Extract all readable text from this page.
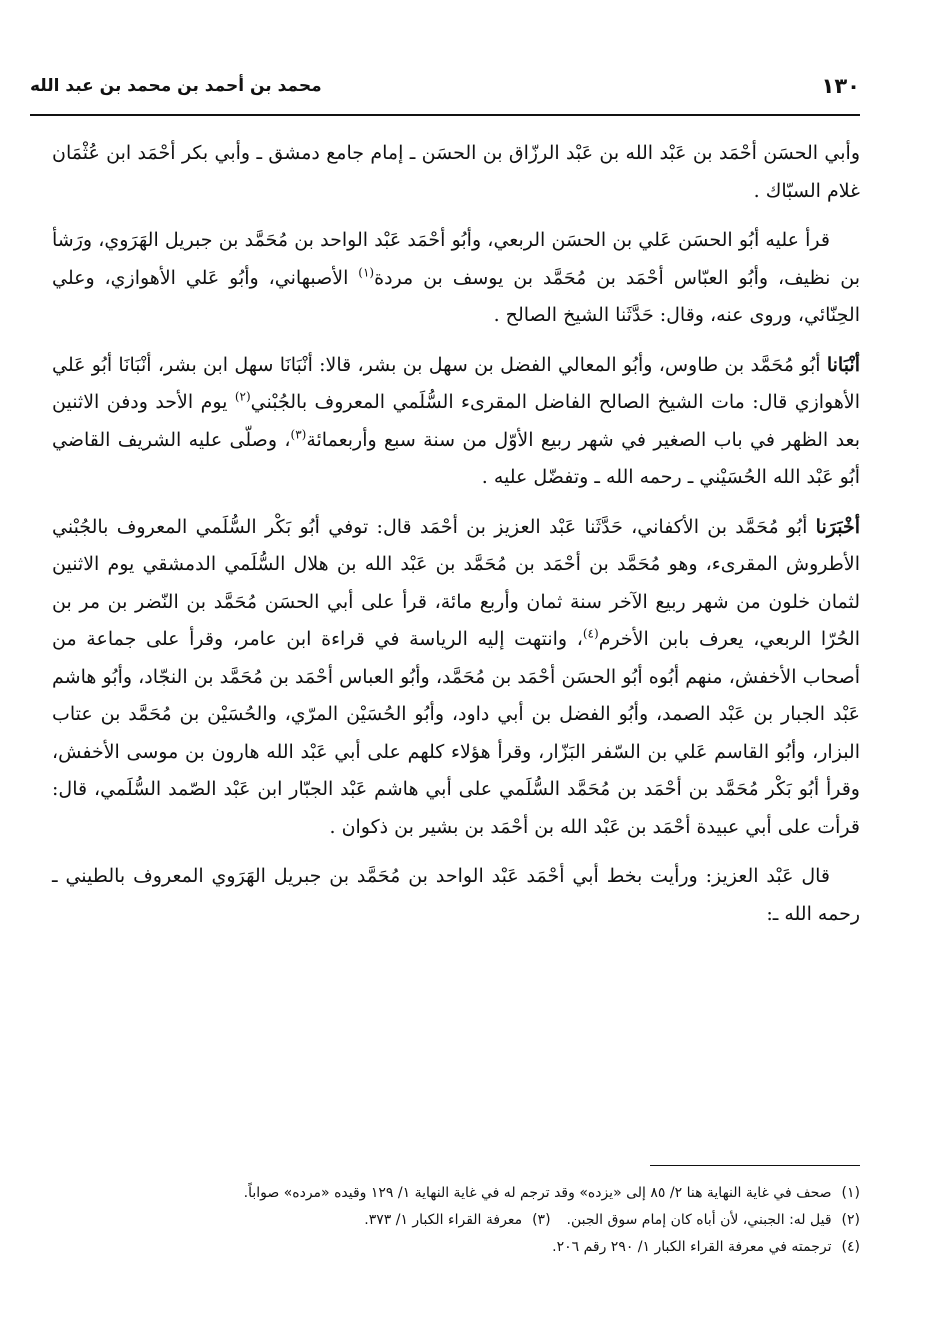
١٣٠
محمد بن أحمد بن محمد بن عبد الله

وأبي الحسَن أحْمَد بن عَبْد الله بن عَبْد الرزّاق بن الحسَن ـ إمام جامع دمشق ـ وأبي بكر أحْمَد ابن عُثْمَان غلام السبّاك .

قرأ عليه أبُو الحسَن عَلي بن الحسَن الربعي، وأبُو أحْمَد عَبْد الواحد بن مُحَمَّد بن جبريل الهَرَوي، ورَشأ بن نظيف، وأبُو العبّاس أحْمَد بن مُحَمَّد بن يوسف بن مردة$^{(١)}$ الأصبهاني، وأبُو عَلي الأهوازي، وعلي الحِنّائي، وروى عنه، وقال: حَدَّثَنا الشيخ الصالح .

أنْبَانا أبُو مُحَمَّد بن طاوس، وأبُو المعالي الفضل بن سهل بن بشر، قالا: أنْبَانَا سهل ابن بشر، أنْبَانَا أبُو عَلي الأهوازي قال: مات الشيخ الصالح الفاضل المقرىء السُّلَمي المعروف بالجُبْني$^{(٢)}$ يوم الأحد ودفن الاثنين بعد الظهر في باب الصغير في شهر ربيع الأوّل من سنة سبع وأربعمائة$^{(٣)}$، وصلّى عليه الشريف القاضي أبُو عَبْد الله الحُسَيْني ـ رحمه الله ـ وتفضّل عليه .

أخْبَرَنا أبُو مُحَمَّد بن الأكفاني، حَدَّثَنا عَبْد العزيز بن أحْمَد قال: توفي أبُو بَكْر السُّلَمي المعروف بالجُبْني الأطروش المقرىء، وهو مُحَمَّد بن أحْمَد بن مُحَمَّد بن عَبْد الله بن هلال السُّلَمي الدمشقي يوم الاثنين لثمان خلون من شهر ربيع الآخر سنة ثمان وأربع مائة، قرأ على أبي الحسَن مُحَمَّد بن النّضر بن مر بن الحُرّا الربعي، يعرف بابن الأخرم$^{(٤)}$، وانتهت إليه الرياسة في قراءة ابن عامر، وقرأ على جماعة من أصحاب الأخفش، منهم أبُوه أبُو الحسَن أحْمَد بن مُحَمَّد، وأبُو العباس أحْمَد بن مُحَمَّد بن النجّاد، وأبُو هاشم عَبْد الجبار بن عَبْد الصمد، وأبُو الفضل بن أبي داود، وأبُو الحُسَيْن المرّي، والحُسَيْن بن مُحَمَّد بن عتاب البزار، وأبُو القاسم عَلي بن السّفر البَزّار، وقرأ هؤلاء كلهم على أبي عَبْد الله هارون بن موسى الأخفش، وقرأ أبُو بَكْر مُحَمَّد بن أحْمَد بن مُحَمَّد السُّلَمي على أبي هاشم عَبْد الجبّار ابن عَبْد الصّمد السُّلَمي، قال: قرأت على أبي عبيدة أحْمَد بن عَبْد الله بن أحْمَد بن بشير بن ذكوان .

قال عَبْد العزيز: ورأيت بخط أبي أحْمَد عَبْد الواحد بن مُحَمَّد بن جبريل الهَرَوي المعروف بالطيني ـ رحمه الله ـ:

(١)صحف في غاية النهاية هنا ٢/ ٨٥ إلى «يزده» وقد ترجم له في غاية النهاية ١/ ١٢٩ وقيده «مرده» صواباً.

(٢)قيل له: الجبني، لأن أباه كان إمام سوق الجبن.(٣)معرفة القراء الكبار ١/ ٣٧٣.

(٤)ترجمته في معرفة القراء الكبار ١/ ٢٩٠ رقم ٢٠٦.
